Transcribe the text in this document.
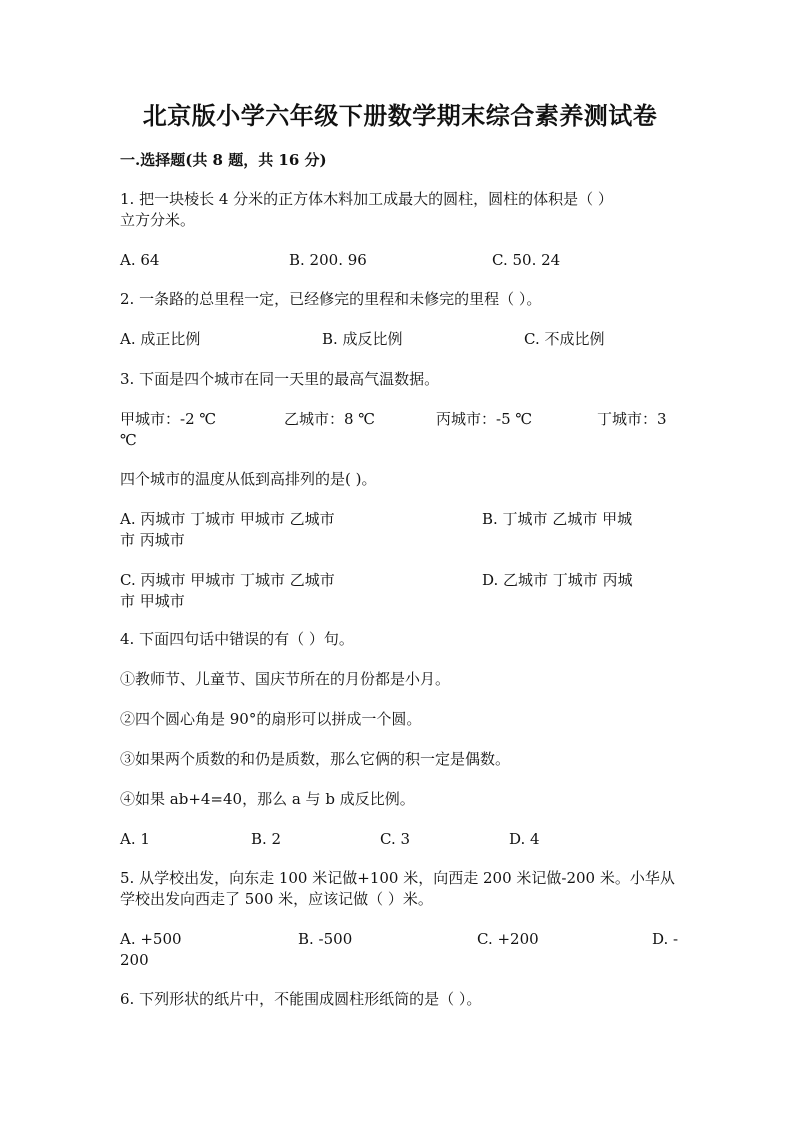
北京版小学六年级下册数学期末综合素养测试卷
一.选择题(共 8 题，共 16 分)
1. 把一块棱长 4 分米的正方体木料加工成最大的圆柱，圆柱的体积是（ ）
立方分米。
A. 64	B. 200. 96	C. 50. 24
2. 一条路的总里程一定，已经修完的里程和未修完的里程（ ）。
A. 成正比例	B. 成反比例	C. 不成比例
3. 下面是四个城市在同一天里的最高气温数据。
甲城市：-2 ℃	乙城市：8 ℃	丙城市：-5 ℃	丁城市：3
℃
四个城市的温度从低到高排列的是( )。
A. 丙城市 丁城市 甲城市 乙城市
市 丙城市
B. 丁城市 乙城市 甲城
C. 丙城市 甲城市 丁城市 乙城市
市 甲城市
D. 乙城市 丁城市 丙城
4. 下面四句话中错误的有（ ）句。
①教师节、儿童节、国庆节所在的月份都是小月。
②四个圆心角是 90°的扇形可以拼成一个圆。
③如果两个质数的和仍是质数，那么它俩的积一定是偶数。
④如果 ab+4=40，那么 a 与 b 成反比例。
A. 1	B. 2	C. 3	D. 4
5. 从学校出发，向东走 100 米记做+100 米，向西走 200 米记做-200 米。小华从
学校出发向西走了 500 米，应该记做（ ）米。
A. +500	B. -500	C. +200	D. -
200
6. 下列形状的纸片中，不能围成圆柱形纸筒的是（ ）。
